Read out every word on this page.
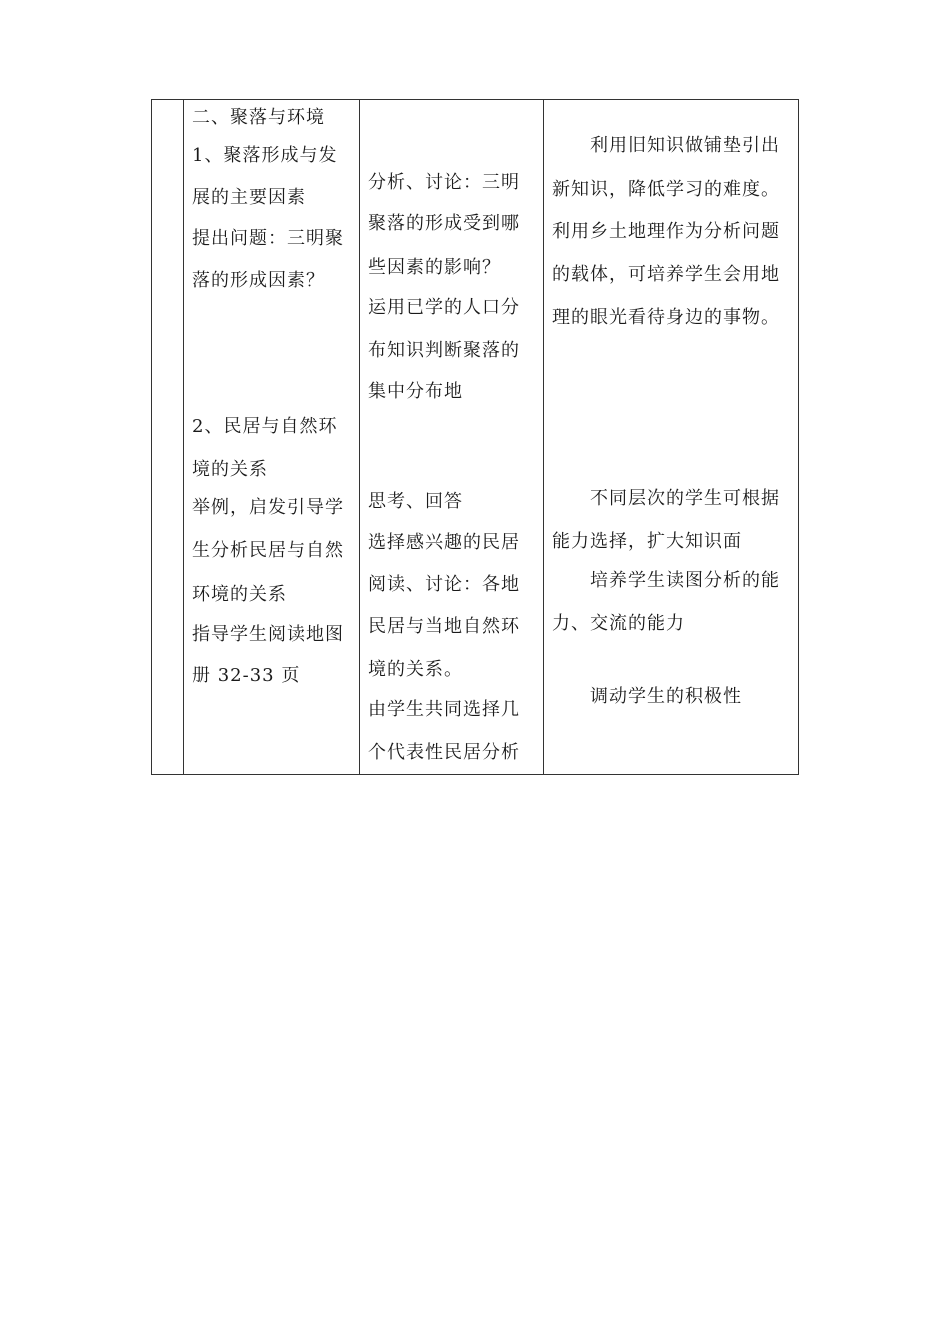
二、聚落与环境
1、聚落形成与发
展的主要因素
提出问题：三明聚
落的形成因素？
2、民居与自然环
境的关系
举例，启发引导学
生分析民居与自然
环境的关系
指导学生阅读地图
册 32-33 页
分析、讨论：三明
聚落的形成受到哪
些因素的影响？
运用已学的人口分
布知识判断聚落的
集中分布地
思考、回答
选择感兴趣的民居
阅读、讨论：各地
民居与当地自然环
境的关系。
由学生共同选择几
个代表性民居分析
利用旧知识做铺垫引出
新知识，降低学习的难度。
利用乡土地理作为分析问题
的载体，可培养学生会用地
理的眼光看待身边的事物。
不同层次的学生可根据
能力选择，扩大知识面
培养学生读图分析的能
力、交流的能力
调动学生的积极性
